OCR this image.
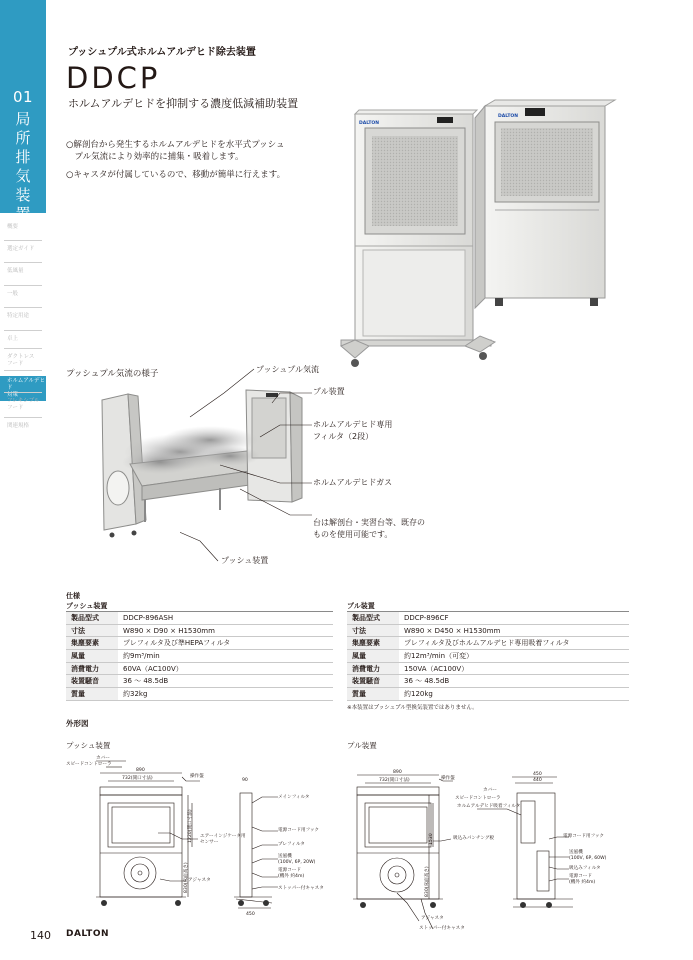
01
局
所
排
気
装
置
概要
選定ガイド
低風量
一般
特定用途
卓上
ダクトレス
フード
ホルムアルデヒド
対策
フレキシブル
フード
関連規格
プッシュプル式ホルムアルデヒド除去装置
DDCP
ホルムアルデヒドを抑制する濃度低減補助装置
○解剖台から発生するホルムアルデヒドを水平式プッシュ
　プル気流により効率的に捕集・吸着します。
○キャスタが付属しているので、移動が簡単に行えます。
DALTON
DALTON
プッシュプル気流の様子	プッシュプル気流
プル装置
ホルムアルデヒド専用
フィルタ（2段）
ホルムアルデヒドガス
台は解剖台・実習台等、既存の
ものを使用可能です。
プッシュ装置
仕様
プッシュ装置	プル装置
製品型式	DDCP-896ASH
寸法	W890 × D90 × H1530mm
集塵要素	プレフィルタ及び準HEPAフィルタ
風量	約9m³/min
消費電力	60VA（AC100V）
装置騒音	36 〜 48.5dB
質量	約32kg
製品型式	DDCP-896CF
寸法	W890 × D450 × H1530mm
集塵要素	プレフィルタ及びホルムアルデヒド専用吸着フィルタ
風量	約12m³/min（可変）
消費電力	150VA（AC100V）
装置騒音	36 〜 48.5dB
質量	約120kg
※本装置はプッシュプル型換気装置ではありません。
外形図
プッシュ装置	プル装置
カバー
スピードコントローラ
890
732(開口寸法)	操作盤
90
メインフィルタ
エアーインジケータ用
センサー
電源コード用フック
プレフィルタ
送風機
(100V, 6P, 20W)
電源コード
(機外 約4m)
アジャスタ
ストッパー付キャスタ
450
1220(開口寸法)
830(床面高さ)
890
732(開口寸法)	操作盤
450
440
カバー
スピードコントローラ
ホルムアルデヒド吸着フィルタ
吸込みパンチング板	電源コード用フック
送風機
(100V, 6P, 60W)
吸込みフィルタ
電源コード
(機外 約4m)
アジャスタ
ストッパー付キャスタ
1530
830(床面高さ)
140 DALTON
